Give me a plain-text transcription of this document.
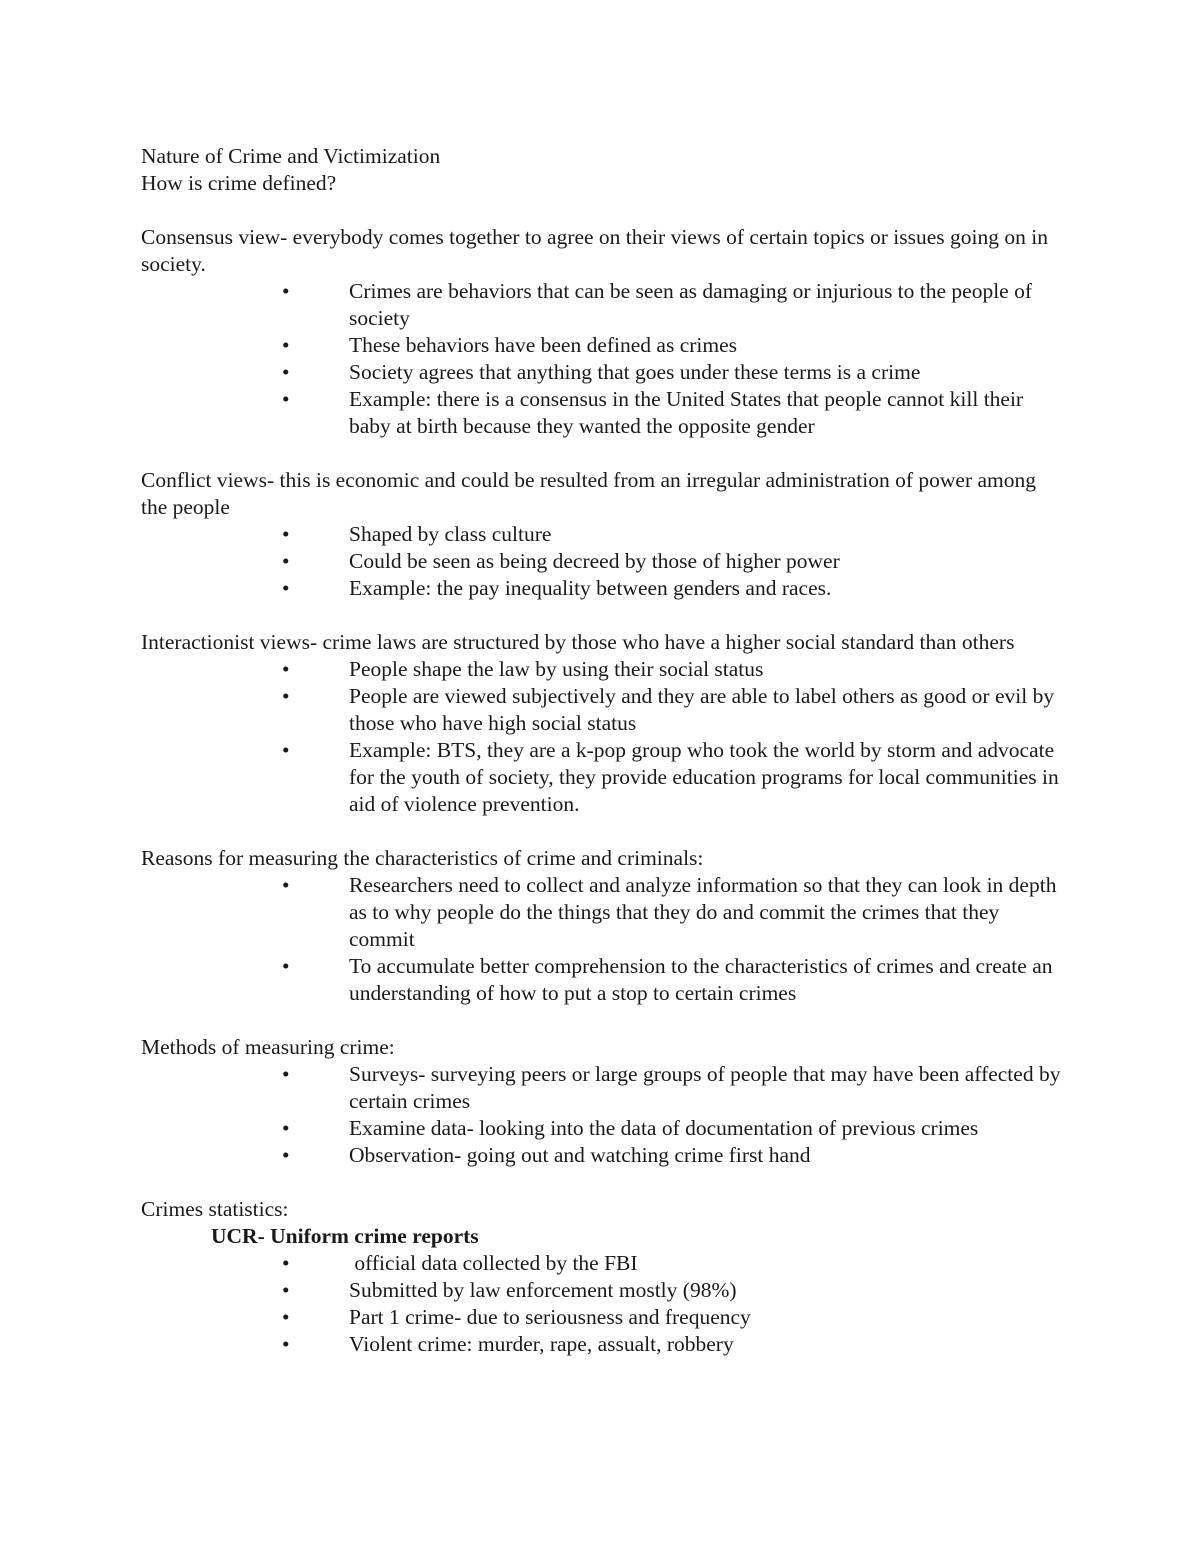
Nature of Crime and Victimization
How is crime defined?
Consensus view- everybody comes together to agree on their views of certain topics or issues going on in society.
•	Crimes are behaviors that can be seen as damaging or injurious to the people of society
•	These behaviors have been defined as crimes
•	Society agrees that anything that goes under these terms is a crime
•	Example: there is a consensus in the United States that people cannot kill their baby at birth because they wanted the opposite gender
Conflict views- this is economic and could be resulted from an irregular administration of power among the people
•	Shaped by class culture
•	Could be seen as being decreed by those of higher power
•	Example: the pay inequality between genders and races.
Interactionist views- crime laws are structured by those who have a higher social standard than others
•	People shape the law by using their social status
•	People are viewed subjectively and they are able to label others as good or evil by those who have high social status
•	Example: BTS, they are a k-pop group who took the world by storm and advocate for the youth of society, they provide education programs for local communities in aid of violence prevention.
Reasons for measuring the characteristics of crime and criminals:
•	Researchers need to collect and analyze information so that they can look in depth as to why people do the things that they do and commit the crimes that they commit
•	To accumulate better comprehension to the characteristics of crimes and create an understanding of how to put a stop to certain crimes
Methods of measuring crime:
•	Surveys- surveying peers or large groups of people that may have been affected by certain crimes
•	Examine data- looking into the data of documentation of previous crimes
•	Observation- going out and watching crime first hand
Crimes statistics:
UCR- Uniform crime reports
•	official data collected by the FBI
•	Submitted by law enforcement mostly (98%)
•	Part 1 crime- due to seriousness and frequency
•	Violent crime: murder, rape, assualt, robbery
